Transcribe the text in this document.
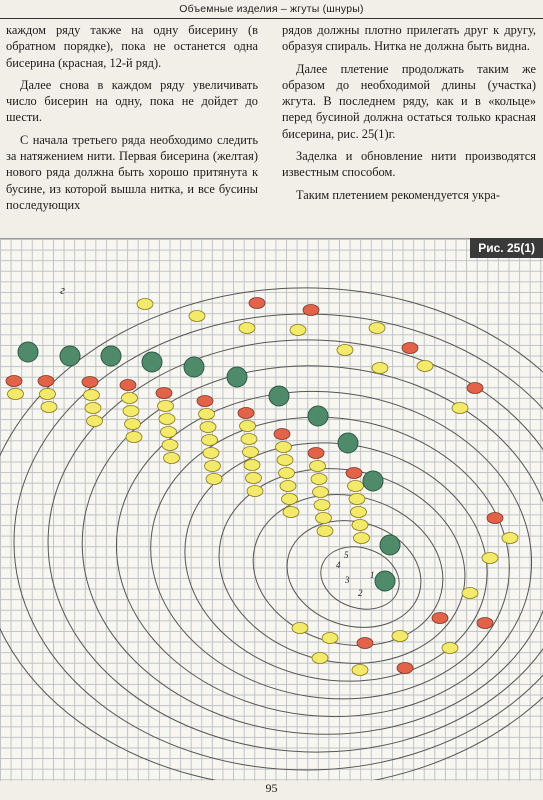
Объемные изделия – жгуты (шнуры)

каждом ряду также на одну бисерину (в обратном порядке), пока не останется одна бисерина (красная, 12-й ряд).

Далее снова в каждом ряду увеличивать число бисерин на одну, пока не дойдет до шести.

С начала третьего ряда необходимо следить за натяжением нити. Первая бисерина (желтая) нового ряда должна быть хорошо притянута к бусине, из которой вышла нитка, и все бусины последующих

рядов должны плотно прилегать друг к другу, образуя спираль. Нитка не должна быть видна.

Далее плетение продолжать таким же образом до необходимой длины (участка) жгута. В последнем ряду, как и в «кольце» перед бусиной должна остаться только красная бисерина, рис. 25(1)г.

Заделка и обновление нити производятся известным способом.

Таким плетением рекомендуется укра-

Рис. 25(1)
г
1
2
3
4
5
95
